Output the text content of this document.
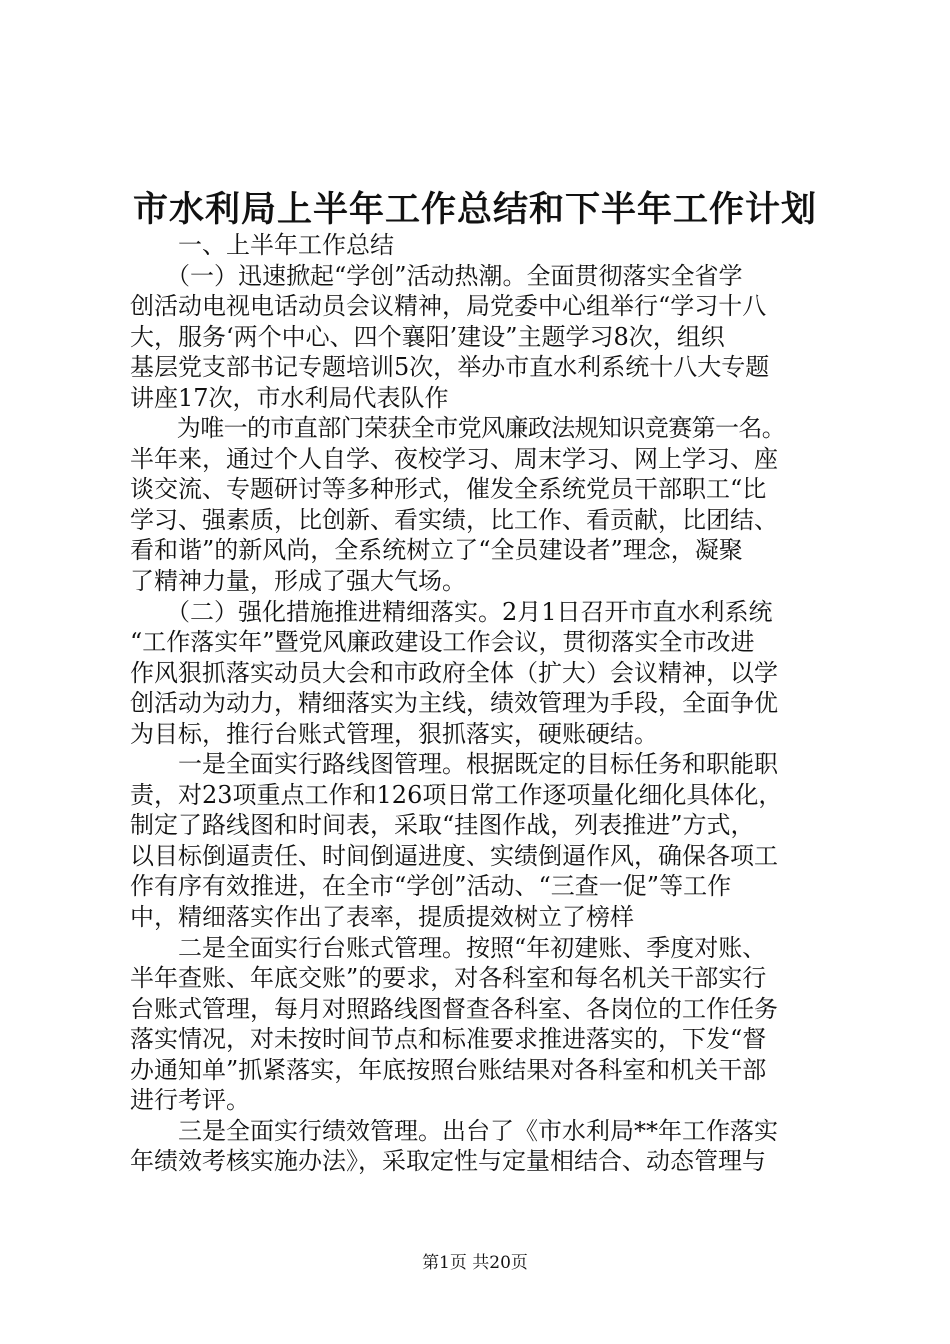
市水利局上半年工作总结和下半年工作计划
　　一、上半年工作总结
　　（一）迅速掀起“学创”活动热潮。全面贯彻落实全省学
创活动电视电话动员会议精神，局党委中心组举行“学习十八
大，服务‘两个中心、四个襄阳’建设”主题学习8次，组织
基层党支部书记专题培训5次，举办市直水利系统十八大专题
讲座17次，市水利局代表队作
　　为唯一的市直部门荣获全市党风廉政法规知识竞赛第一名。
半年来，通过个人自学、夜校学习、周末学习、网上学习、座
谈交流、专题研讨等多种形式，催发全系统党员干部职工“比
学习、强素质，比创新、看实绩，比工作、看贡献，比团结、
看和谐”的新风尚，全系统树立了“全员建设者”理念，凝聚
了精神力量，形成了强大气场。
　　（二）强化措施推进精细落实。2月1日召开市直水利系统
“工作落实年”暨党风廉政建设工作会议，贯彻落实全市改进
作风狠抓落实动员大会和市政府全体（扩大）会议精神，以学
创活动为动力，精细落实为主线，绩效管理为手段，全面争优
为目标，推行台账式管理，狠抓落实，硬账硬结。
　　一是全面实行路线图管理。根据既定的目标任务和职能职
责，对23项重点工作和126项日常工作逐项量化细化具体化，
制定了路线图和时间表，采取“挂图作战，列表推进”方式，
以目标倒逼责任、时间倒逼进度、实绩倒逼作风，确保各项工
作有序有效推进，在全市“学创”活动、“三查一促”等工作
中，精细落实作出了表率，提质提效树立了榜样
　　二是全面实行台账式管理。按照“年初建账、季度对账、
半年查账、年底交账”的要求，对各科室和每名机关干部实行
台账式管理，每月对照路线图督查各科室、各岗位的工作任务
落实情况，对未按时间节点和标准要求推进落实的，下发“督
办通知单”抓紧落实，年底按照台账结果对各科室和机关干部
进行考评。
　　三是全面实行绩效管理。出台了《市水利局**年工作落实
年绩效考核实施办法》，采取定性与定量相结合、动态管理与
第1页 共20页
